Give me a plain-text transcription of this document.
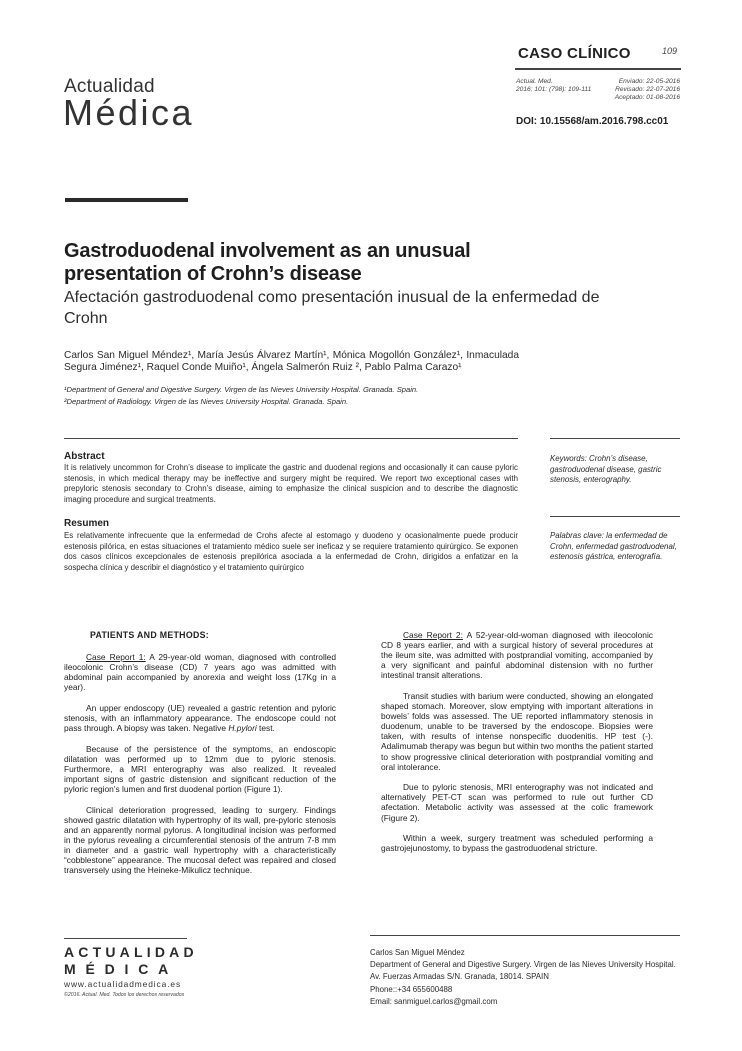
Actualidad
Médica
CASO CLÍNICO	109
Actual. Med.
2016; 101: (798): 109-111
Enviado: 22-05-2016
Revisado: 22-07-2016
Aceptado: 01-08-2016
DOI: 10.15568/am.2016.798.cc01
Gastroduodenal involvement as an unusual
presentation of Crohn’s disease
Afectación gastroduodenal como presentación inusual de la enfermedad de Crohn
Carlos San Miguel Méndez¹, María Jesús Álvarez Martín¹, Mónica Mogollón González¹, Inmaculada Segura Jiménez¹, Raquel Conde Muiño¹, Ángela Salmerón Ruiz ², Pablo Palma Carazo¹
¹Department of General and Digestive Surgery. Virgen de las Nieves University Hospital. Granada. Spain.
²Department of Radiology. Virgen de las Nieves University Hospital. Granada. Spain.
Abstract
It is relatively uncommon for Crohn’s disease to implicate the gastric and duodenal regions and occasionally it can cause pyloric stenosis, in which medical therapy may be ineffective and surgery might be required. We report two exceptional cases with prepyloric stenosis secondary to Crohn’s disease, aiming to emphasize the clinical suspicion and to describe the diagnostic imaging procedure and surgical treatments.
Keywords: Crohn’s disease, gastroduodenal disease, gastric stenosis, enterography.
Resumen
Es relativamente infrecuente que la enfermedad de Crohs afecte al estomago y duodeno y ocasionalmente puede producir estenosis pilórica, en estas situaciones el tratamiento médico suele ser ineficaz y se requiere tratamiento quirúrgico. Se exponen dos casos clínicos excepcionales de estenosis prepilórica asociada a la enfermedad de Crohn, dirigidos a enfatizar en la sospecha clínica y describir el diagnóstico y el tratamiento quirúrgico
Palabras clave: la enfermedad de Crohn, enfermedad gastroduodenal, estenosis gástrica, enterografía.

PATIENTS AND METHODS:

Case Report 1: A 29-year-old woman, diagnosed with controlled ileocolonic Crohn’s disease (CD) 7 years ago was admitted with abdominal pain accompanied by anorexia and weight loss (17Kg in a year).

An upper endoscopy (UE) revealed a gastric retention and pyloric stenosis, with an inflammatory appearance. The endoscope could not pass through. A biopsy was taken. Negative H.pylori test.

Because of the persistence of the symptoms, an endoscopic dilatation was performed up to 12mm due to pyloric stenosis. Furthermore, a MRI enterography was also realized. It revealed important signs of gastric distension and significant reduction of the pyloric region’s lumen and first duodenal portion (Figure 1).

Clinical deterioration progressed, leading to surgery. Findings showed gastric dilatation with hypertrophy of its wall, pre-pyloric stenosis and an apparently normal pylorus. A longitudinal incision was performed in the pylorus revealing a circumferential stenosis of the antrum 7-8 mm in diameter and a gastric wall hypertrophy with a characteristically “cobblestone” appearance. The mucosal defect was repaired and closed transversely using the Heineke-Mikulicz technique.

Case Report 2: A 52-year-old-woman diagnosed with ileocolonic CD 8 years earlier, and with a surgical history of several procedures at the ileum site, was admitted with postprandial vomiting, accompanied by a very significant and painful abdominal distension with no further intestinal transit alterations.

Transit studies with barium were conducted, showing an elongated shaped stomach. Moreover, slow emptying with important alterations in bowels’ folds was assessed. The UE reported inflammatory stenosis in duodenum, unable to be traversed by the endoscope. Biopsies were taken, with results of intense nonspecific duodenitis. HP test (-). Adalimumab therapy was begun but within two months the patient started to show progressive clinical deterioration with postprandial vomiting and oral intolerance.

Due to pyloric stenosis, MRI enterography was not indicated and alternatively PET-CT scan was performed to rule out further CD afectation. Metabolic activity was assessed at the colic framework (Figure 2).

Within a week, surgery treatment was scheduled performing a gastrojejunostomy, to bypass the gastroduodenal stricture.

ACTUALIDAD
MÉDICA
www.actualidadmedica.es
©2016. Actual. Med. Todos los derechos reservados
Carlos San Miguel Méndez
Department of General and Digestive Surgery. Virgen de las Nieves University Hospital.
Av. Fuerzas Armadas S/N. Granada, 18014. SPAIN
Phone::+34 655600488
Email: sanmiguel.carlos@gmail.com
